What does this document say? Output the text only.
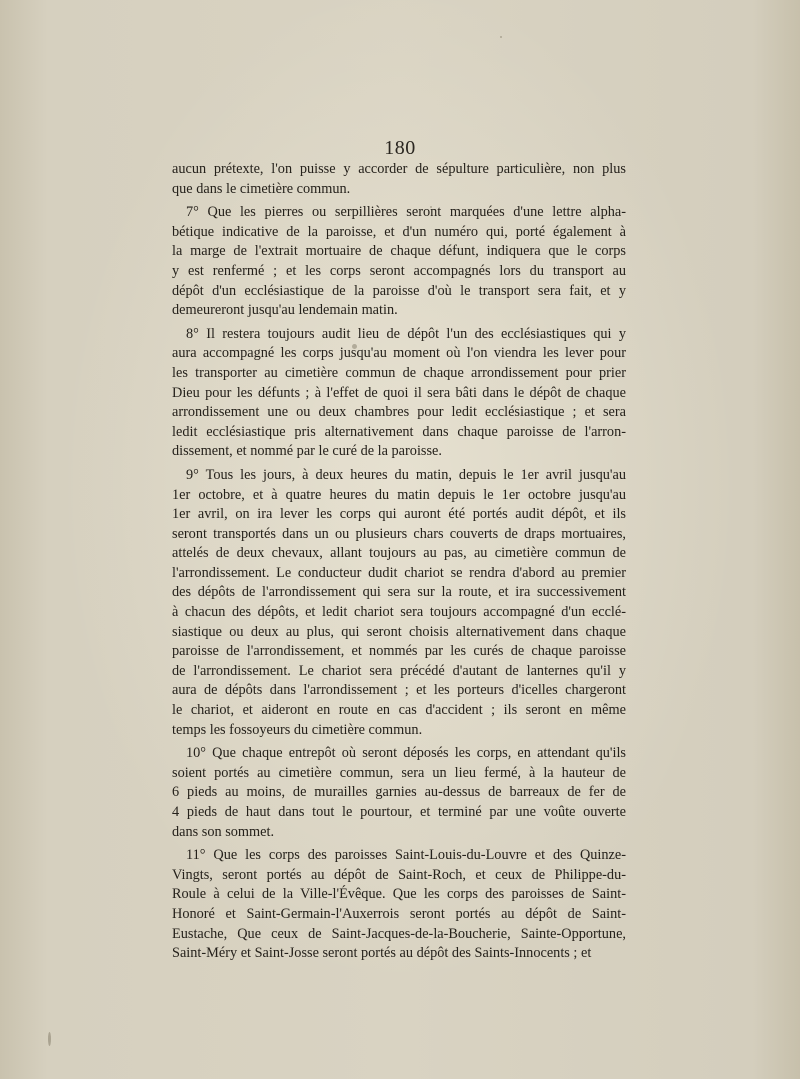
180
aucun prétexte, l'on puisse y accorder de sépulture particulière, non plus
que dans le cimetière commun.
7° Que les pierres ou serpillières seront marquées d'une lettre alpha-
bétique indicative de la paroisse, et d'un numéro qui, porté également à
la marge de l'extrait mortuaire de chaque défunt, indiquera que le corps
y est renfermé ; et les corps seront accompagnés lors du transport au
dépôt d'un ecclésiastique de la paroisse d'où le transport sera fait, et y
demeureront jusqu'au lendemain matin.
8° Il restera toujours audit lieu de dépôt l'un des ecclésiastiques qui y
aura accompagné les corps jusqu'au moment où l'on viendra les lever pour
les transporter au cimetière commun de chaque arrondissement pour prier
Dieu pour les défunts ; à l'effet de quoi il sera bâti dans le dépôt de chaque
arrondissement une ou deux chambres pour ledit ecclésiastique ; et sera
ledit ecclésiastique pris alternativement dans chaque paroisse de l'arron-
dissement, et nommé par le curé de la paroisse.
9° Tous les jours, à deux heures du matin, depuis le 1er avril jusqu'au
1er octobre, et à quatre heures du matin depuis le 1er octobre jusqu'au
1er avril, on ira lever les corps qui auront été portés audit dépôt, et ils
seront transportés dans un ou plusieurs chars couverts de draps mortuaires,
attelés de deux chevaux, allant toujours au pas, au cimetière commun de
l'arrondissement. Le conducteur dudit chariot se rendra d'abord au premier
des dépôts de l'arrondissement qui sera sur la route, et ira successivement
à chacun des dépôts, et ledit chariot sera toujours accompagné d'un ecclé-
siastique ou deux au plus, qui seront choisis alternativement dans chaque
paroisse de l'arrondissement, et nommés par les curés de chaque paroisse
de l'arrondissement. Le chariot sera précédé d'autant de lanternes qu'il y
aura de dépôts dans l'arrondissement ; et les porteurs d'icelles chargeront
le chariot, et aideront en route en cas d'accident ; ils seront en même
temps les fossoyeurs du cimetière commun.
10° Que chaque entrepôt où seront déposés les corps, en attendant qu'ils
soient portés au cimetière commun, sera un lieu fermé, à la hauteur de
6 pieds au moins, de murailles garnies au-dessus de barreaux de fer de
4 pieds de haut dans tout le pourtour, et terminé par une voûte ouverte
dans son sommet.
11° Que les corps des paroisses Saint-Louis-du-Louvre et des Quinze-
Vingts, seront portés au dépôt de Saint-Roch, et ceux de Philippe-du-
Roule à celui de la Ville-l'Évêque. Que les corps des paroisses de Saint-
Honoré et Saint-Germain-l'Auxerrois seront portés au dépôt de Saint-
Eustache, Que ceux de Saint-Jacques-de-la-Boucherie, Sainte-Opportune,
Saint-Méry et Saint-Josse seront portés au dépôt des Saints-Innocents ; et
